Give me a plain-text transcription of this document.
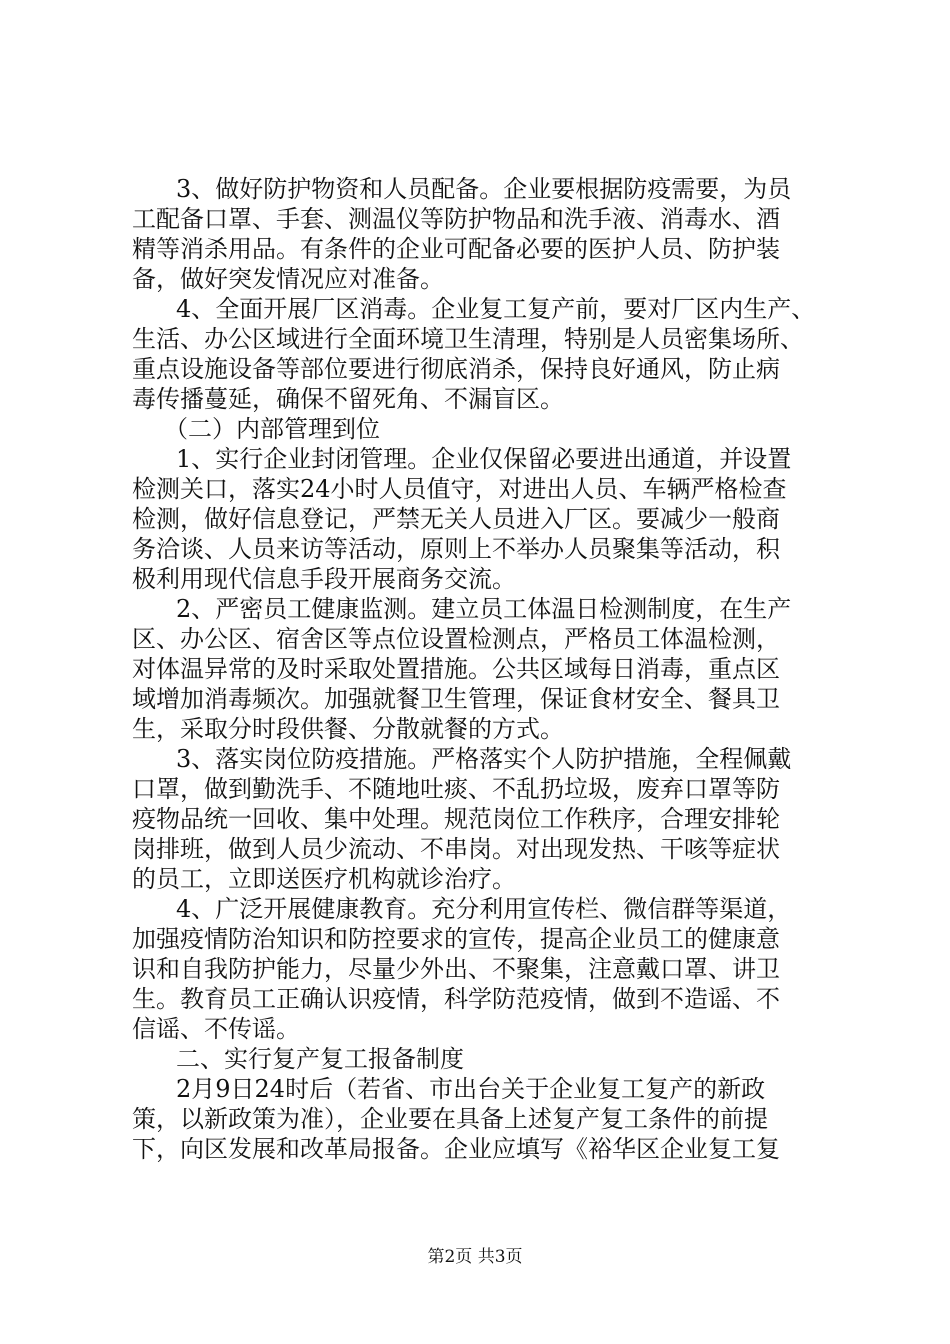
3、做好防护物资和人员配备。企业要根据防疫需要，为员
工配备口罩、手套、测温仪等防护物品和洗手液、消毒水、酒
精等消杀用品。有条件的企业可配备必要的医护人员、防护装
备，做好突发情况应对准备。
4、全面开展厂区消毒。企业复工复产前，要对厂区内生产、
生活、办公区域进行全面环境卫生清理，特别是人员密集场所、
重点设施设备等部位要进行彻底消杀，保持良好通风，防止病
毒传播蔓延，确保不留死角、不漏盲区。
（二）内部管理到位
1、实行企业封闭管理。企业仅保留必要进出通道，并设置
检测关口，落实24小时人员值守，对进出人员、车辆严格检查
检测，做好信息登记，严禁无关人员进入厂区。要减少一般商
务洽谈、人员来访等活动，原则上不举办人员聚集等活动，积
极利用现代信息手段开展商务交流。
2、严密员工健康监测。建立员工体温日检测制度，在生产
区、办公区、宿舍区等点位设置检测点，严格员工体温检测，
对体温异常的及时采取处置措施。公共区域每日消毒，重点区
域增加消毒频次。加强就餐卫生管理，保证食材安全、餐具卫
生，采取分时段供餐、分散就餐的方式。
3、落实岗位防疫措施。严格落实个人防护措施，全程佩戴
口罩，做到勤洗手、不随地吐痰、不乱扔垃圾，废弃口罩等防
疫物品统一回收、集中处理。规范岗位工作秩序，合理安排轮
岗排班，做到人员少流动、不串岗。对出现发热、干咳等症状
的员工，立即送医疗机构就诊治疗。
4、广泛开展健康教育。充分利用宣传栏、微信群等渠道，
加强疫情防治知识和防控要求的宣传，提高企业员工的健康意
识和自我防护能力，尽量少外出、不聚集，注意戴口罩、讲卫
生。教育员工正确认识疫情，科学防范疫情，做到不造谣、不
信谣、不传谣。
二、实行复产复工报备制度
2月9日24时后（若省、市出台关于企业复工复产的新政
策，以新政策为准），企业要在具备上述复产复工条件的前提
下，向区发展和改革局报备。企业应填写《裕华区企业复工复
第2页 共3页
